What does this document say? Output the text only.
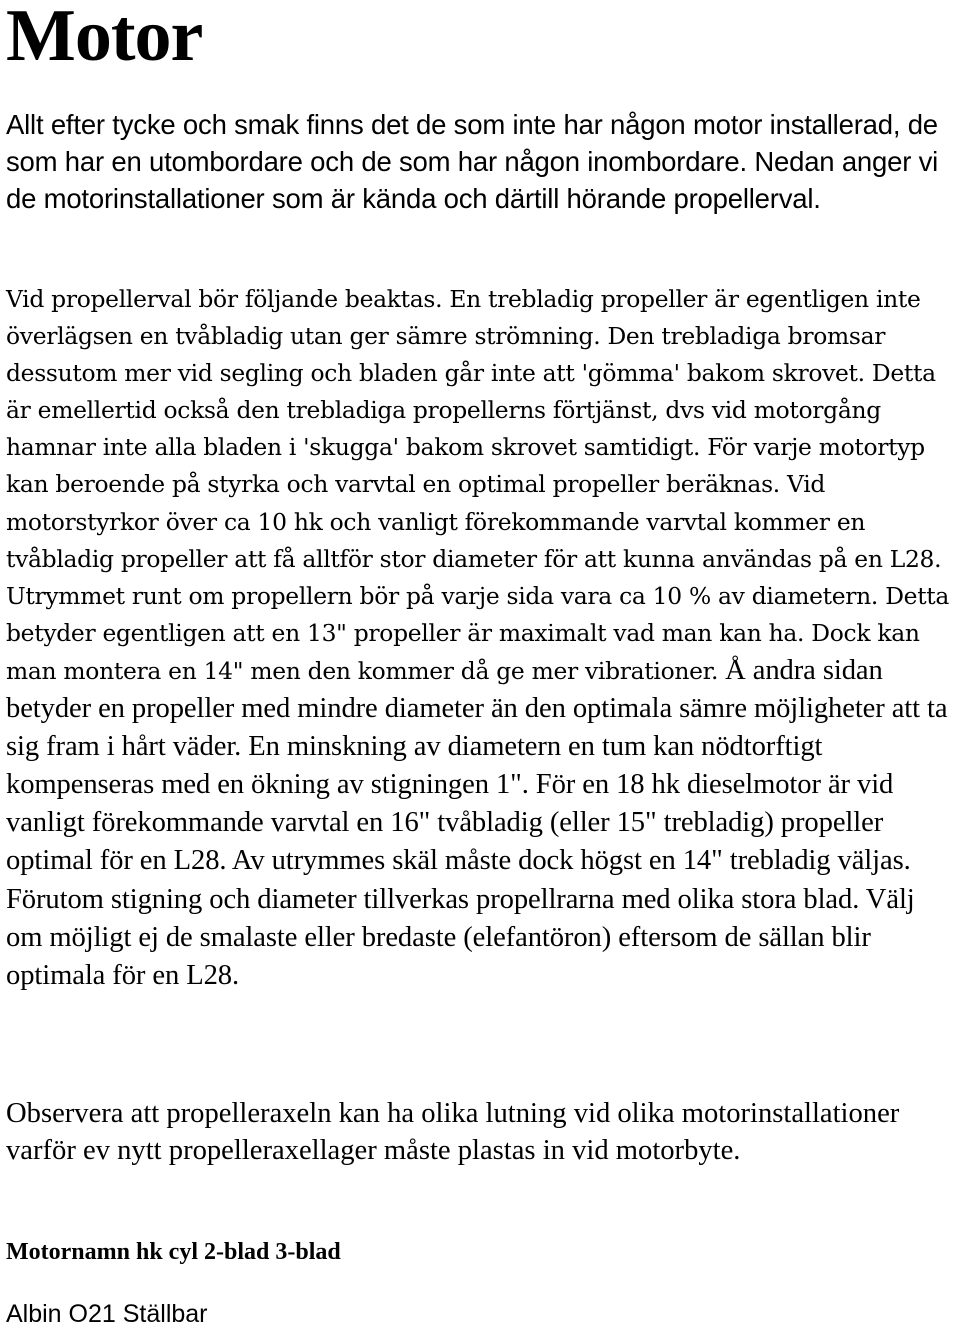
Motor

Allt efter tycke och smak finns det de som inte har någon motor installerad, de som har en utombordare och de som har någon inombordare. Nedan anger vi de motorinstallationer som är kända och därtill hörande propellerval.

Vid propellerval bör följande beaktas. En trebladig propeller är egentligen inte överlägsen en tvåbladig utan ger sämre strömning. Den trebladiga bromsar dessutom mer vid segling och bladen går inte att 'gömma' bakom skrovet. Detta är emellertid också den trebladiga propellerns förtjänst, dvs vid motorgång hamnar inte alla bladen i 'skugga' bakom skrovet samtidigt. För varje motortyp kan beroende på styrka och varvtal en optimal propeller beräknas. Vid motorstyrkor över ca 10 hk och vanligt förekommande varvtal kommer en tvåbladig propeller att få alltför stor diameter för att kunna användas på en L28. Utrymmet runt om propellern bör på varje sida vara ca 10 % av diametern. Detta betyder egentligen att en 13" propeller är maximalt vad man kan ha. Dock kan man montera en 14" men den kommer då ge mer vibrationer. Å andra sidan betyder en propeller med mindre diameter än den optimala sämre möjligheter att ta sig fram i hårt väder. En minskning av diametern en tum kan nödtorftigt kompenseras med en ökning av stigningen 1". För en 18 hk dieselmotor är vid vanligt förekommande varvtal en 16" tvåbladig (eller 15" trebladig) propeller optimal för en L28. Av utrymmes skäl måste dock högst en 14" trebladig väljas. Förutom stigning och diameter tillverkas propellrarna med olika stora blad. Välj om möjligt ej de smalaste eller bredaste (elefantöron) eftersom de sällan blir optimala för en L28.

Observera att propelleraxeln kan ha olika lutning vid olika motorinstallationer varför ev nytt propelleraxellager måste plastas in vid motorbyte.

Motornamn hk cyl 2-blad 3-blad
Albin O21 Ställbar
